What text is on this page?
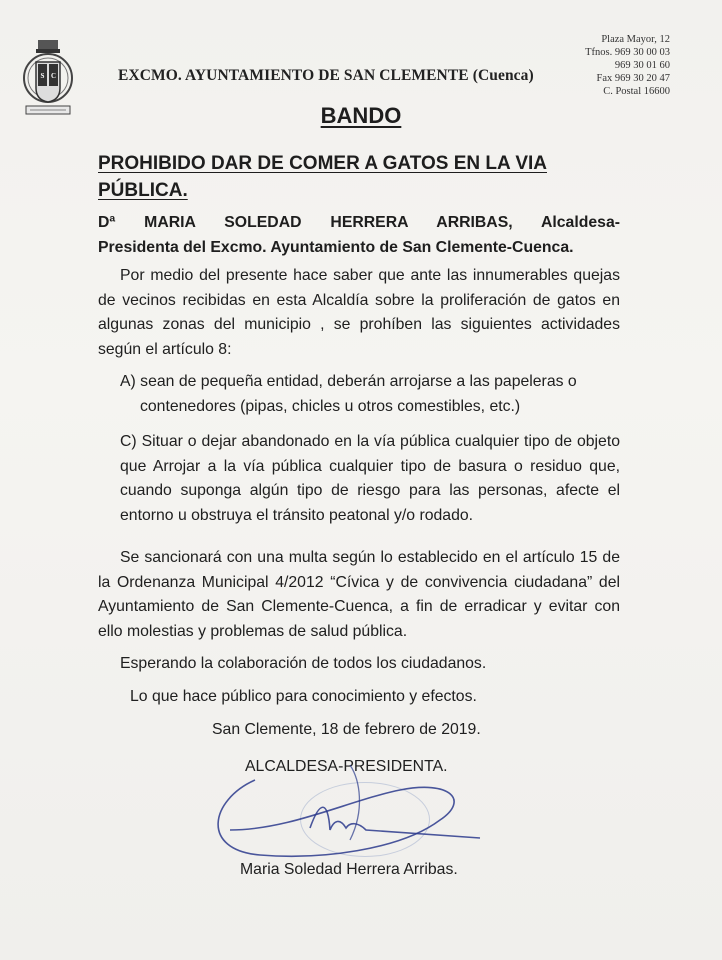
S C	EXCMO. AYUNTAMIENTO DE SAN CLEMENTE (Cuenca)
Plaza Mayor, 12
Tfnos. 969 30 00 03
969 30 01 60
Fax 969 30 20 47
C. Postal 16600
BANDO
PROHIBIDO DAR DE COMER A GATOS EN LA VIA
PÚBLICA.
Dª MARIA SOLEDAD HERRERA ARRIBAS, Alcaldesa-
Presidenta del Excmo. Ayuntamiento de San Clemente-Cuenca.
Por medio del presente hace saber que ante las innumerables quejas de vecinos recibidas en esta Alcaldía sobre la proliferación de gatos en algunas zonas del municipio , se prohíben las siguientes actividades según el artículo 8:
A) sean de pequeña entidad, deberán arrojarse a las papeleras o
contenedores (pipas, chicles u otros comestibles, etc.)
C) Situar o dejar abandonado en la vía pública cualquier tipo de objeto que Arrojar a la vía pública cualquier tipo de basura o residuo que, cuando suponga algún tipo de riesgo para las personas, afecte el entorno u obstruya el tránsito peatonal y/o rodado.
Se sancionará con una multa según lo establecido en el artículo 15 de la Ordenanza Municipal 4/2012 “Cívica y de convivencia ciudadana” del Ayuntamiento de San Clemente-Cuenca, a fin de erradicar y evitar con ello molestias y problemas de salud pública.
Esperando la colaboración de todos los ciudadanos.
Lo que hace público para conocimiento y efectos.
San Clemente, 18 de febrero de 2019.
ALCALDESA-PRESIDENTA.
Maria Soledad Herrera Arribas.
